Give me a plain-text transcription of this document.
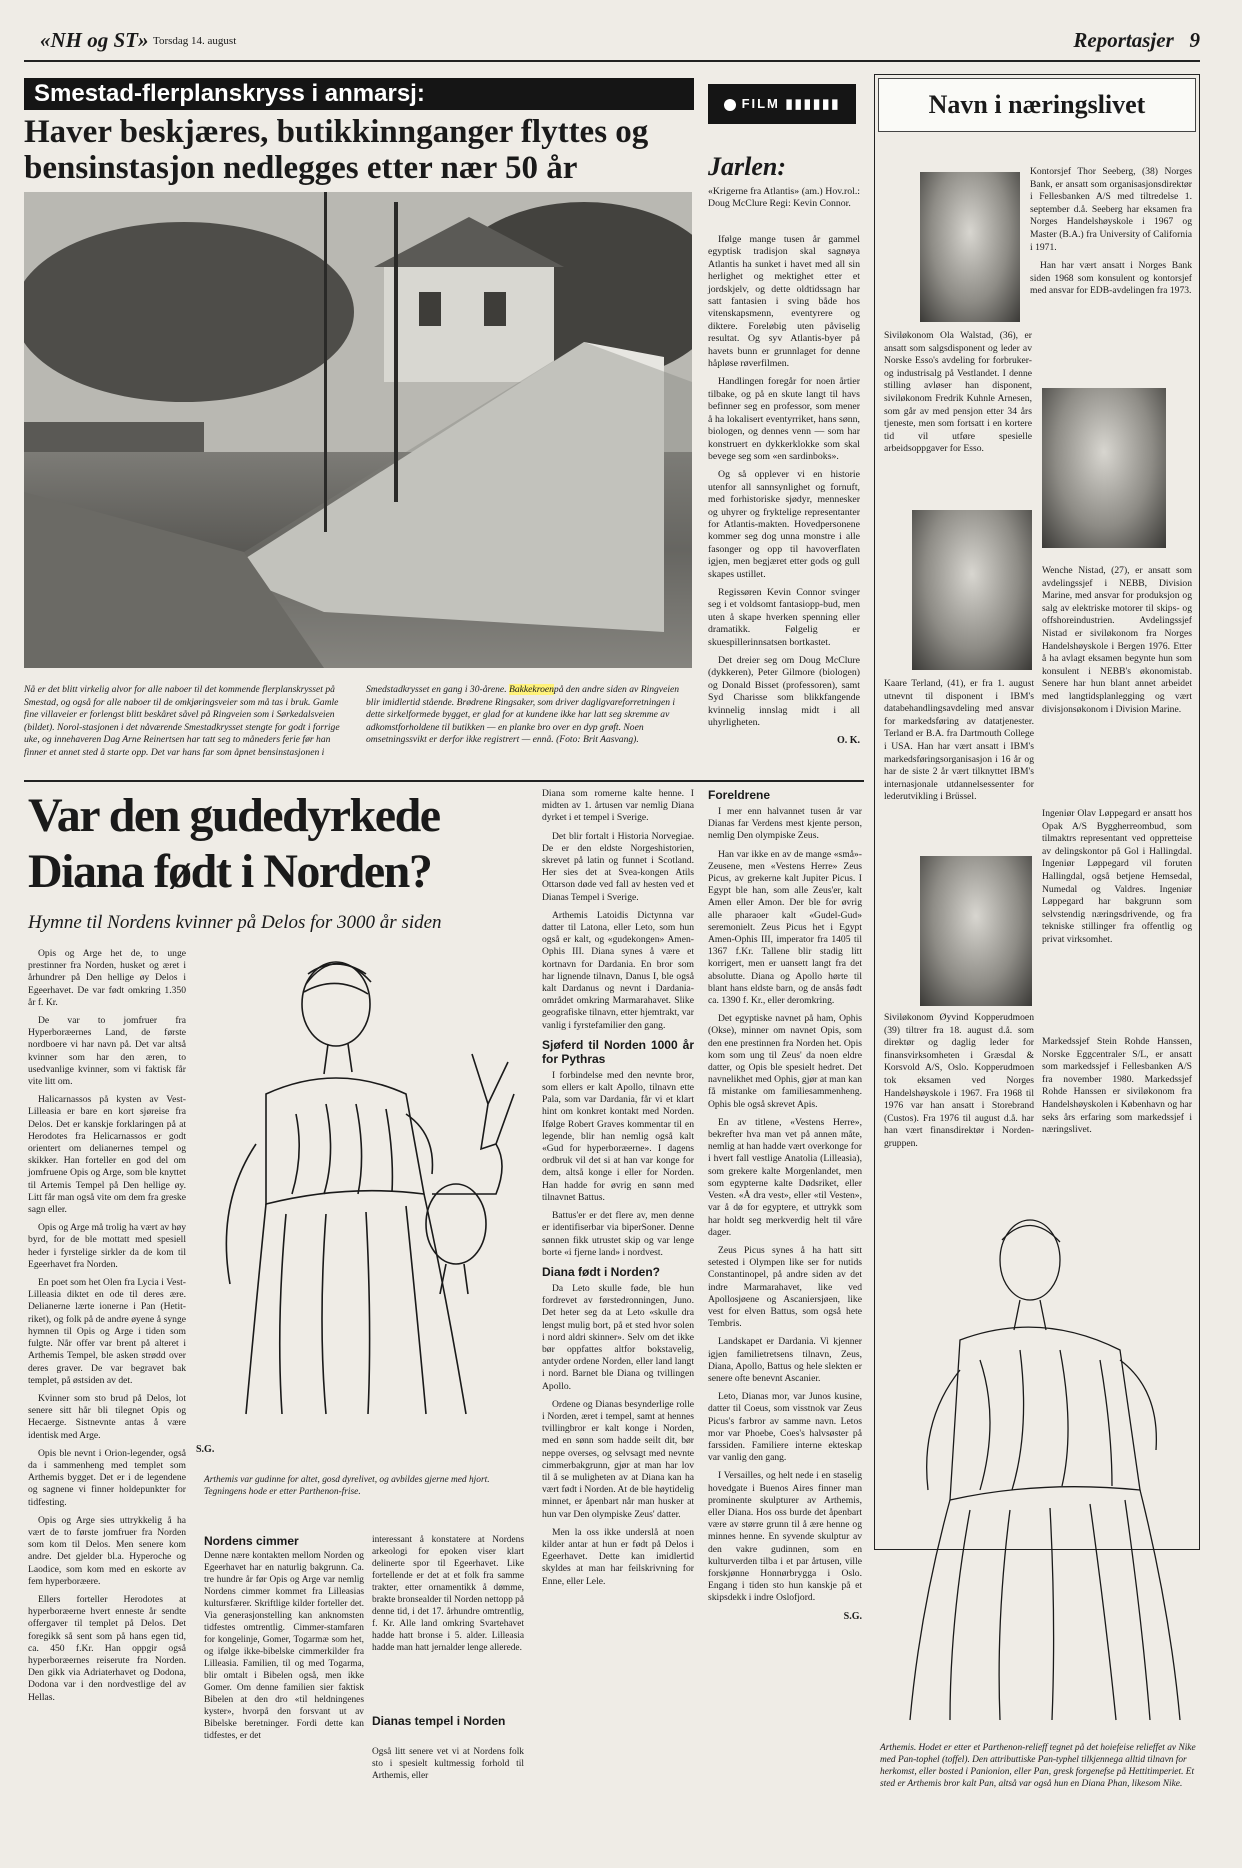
«NH og ST» Torsdag 14. august	Reportasjer 9
Smestad-flerplanskryss i anmarsj:
Haver beskjæres, butikkinnganger flyttes og bensinstasjon nedlegges etter nær 50 år
Nå er det blitt virkelig alvor for alle naboer til det kommende flerplanskrysset på Smestad, og også for alle naboer til de omkjøringsveier som må tas i bruk. Gamle fine villaveier er forlengst blitt beskåret såvel på Ringveien som i Sørkedalsveien (bildet). Norol-stasjonen i det nåværende Smestadkrysset stengte for godt i forrige uke, og innehaveren Dag Arne Reinertsen har tatt seg to måneders ferie før han finner et annet sted å starte opp. Det var hans far som åpnet bensinstasjonen i
Smedstadkrysset en gang i 30-årene. Bakkekroenpå den andre siden av Ringveien blir imidlertid stående. Brødrene Ringsaker, som driver dagligvareforretningen i dette sirkelformede bygget, er glad for at kundene ikke har latt seg skremme av adkomstforholdene til butikken — en planke bro over en dyp grøft. Noen omsetningssvikt er derfor ikke registrert — ennå. (Foto: Brit Aasvang).
FILM ▮▮▮▮▮▮
Jarlen:
«Krigerne fra Atlantis» (am.) Hov.rol.: Doug McClure Regi: Kevin Connor.

Ifølge mange tusen år gammel egyptisk tradisjon skal sagnøya Atlantis ha sunket i havet med all sin herlighet og mektighet etter et jordskjelv, og dette oldtidssagn har satt fantasien i sving både hos vitenskapsmenn, eventyrere og diktere. Foreløbig uten påviselig resultat. Og syv Atlantis-byer på havets bunn er grunnlaget for denne håpløse røverfilmen.

Handlingen foregår for noen årtier tilbake, og på en skute langt til havs befinner seg en professor, som mener å ha lokalisert eventyrriket, hans sønn, biologen, og dennes venn — som har konstruert en dykkerklokke som skal bevege seg som «en sardinboks».

Og så opplever vi en historie utenfor all sannsynlighet og fornuft, med forhistoriske sjødyr, mennesker og uhyrer og fryktelige representanter for Atlantis-makten. Hovedpersonene kommer seg dog unna monstre i alle fasonger og opp til havoverflaten igjen, men begjæret etter gods og gull skapes ustillet.

Regissøren Kevin Connor svinger seg i et voldsomt fantasiopp-bud, men uten å skape hverken spenning eller dramatikk. Følgelig er skuespillerinnsatsen bortkastet.

Det dreier seg om Doug McClure (dykkeren), Peter Gilmore (biologen) og Donald Bisset (professoren), samt Syd Charisse som blikkfangende kvinnelig innslag midt i all uhyrligheten.

O. K.
Navn i næringslivet

Kontorsjef Thor Seeberg, (38) Norges Bank, er ansatt som organisasjonsdirektør i Fellesbanken A/S med tiltredelse 1. september d.å. Seeberg har eksamen fra Norges Handelshøyskole i 1967 og Master (B.A.) fra University of California i 1971.

Han har vært ansatt i Norges Bank siden 1968 som konsulent og kontorsjef med ansvar for EDB-avdelingen fra 1973.

Siviløkonom Ola Walstad, (36), er ansatt som salgsdisponent og leder av Norske Esso's avdeling for forbruker- og industrisalg på Vestlandet. I denne stilling avløser han disponent, siviløkonom Fredrik Kuhnle Arnesen, som går av med pensjon etter 34 års tjeneste, men som fortsatt i en kortere tid vil utføre spesielle arbeidsoppgaver for Esso.
Wenche Nistad, (27), er ansatt som avdelingssjef i NEBB, Division Marine, med ansvar for produksjon og salg av elektriske motorer til skips- og offshoreindustrien. Avdelingssjef Nistad er siviløkonom fra Norges Handelshøyskole i Bergen 1976. Etter å ha avlagt eksamen begynte hun som konsulent i NEBB's økonomistab. Senere har hun blant annet arbeidet med langtidsplanlegging og vært divisjonsøkonom i Division Marine.
Kaare Terland, (41), er fra 1. august utnevnt til disponent i IBM's databehandlingsavdeling med ansvar for markedsføring av datatjenester. Terland er B.A. fra Dartmouth College i USA. Han har vært ansatt i IBM's markedsføringsorganisasjon i 16 år og har de siste 2 år vært tilknyttet IBM's internasjonale utdannelsessenter for lederutvikling i Brüssel.
Ingeniør Olav Løppegard er ansatt hos Opak A/S Byggherreombud, som tilmaktrs representant ved oppretteise av delingskontor på Gol i Hallingdal. Ingeniør Løppegard vil foruten Hallingdal, også betjene Hemsedal, Numedal og Valdres. Ingeniør Løppegard har bakgrunn som selvstendig næringsdrivende, og fra tekniske stillinger fra offentlig og privat virksomhet.
Siviløkonom Øyvind Kopperudmoen (39) tiltrer fra 18. august d.å. som direktør og daglig leder for finansvirksomheten i Græsdal & Korsvold A/S, Oslo. Kopperudmoen tok eksamen ved Norges Handelshøyskole i 1967. Fra 1968 til 1976 var han ansatt i Storebrand (Custos). Fra 1976 til august d.å. har han vært finansdirektør i Norden-gruppen.
Markedssjef Stein Rohde Hanssen, Norske Eggcentraler S/L, er ansatt som markedssjef i Fellesbanken A/S fra november 1980. Markedssjef Rohde Hanssen er siviløkonom fra Handelshøyskolen i København og har seks års erfaring som markedssjef i næringslivet.
Var den gudedyrkede Diana født i Norden?
Hymne til Nordens kvinner på Delos for 3000 år siden

Opis og Arge het de, to unge prestinner fra Norden, husket og æret i århundrer på Den hellige øy Delos i Egeerhavet. De var født omkring 1.350 år f. Kr.

De var to jomfruer fra Hyperboræernes Land, de første nordboere vi har navn på. Det var altså kvinner som har den æren, to usedvanlige kvinner, som vi faktisk får vite litt om.

Halicarnassos på kysten av Vest-Lilleasia er bare en kort sjøreise fra Delos. Det er kanskje forklaringen på at Herodotes fra Helicarnassos er godt orientert om delianernes tempel og skikker. Han forteller en god del om jomfruene Opis og Arge, som ble knyttet til Artemis Tempel på Den hellige øy. Litt får man også vite om dem fra greske sagn eller.

Opis og Arge må trolig ha vært av høy byrd, for de ble mottatt med spesiell heder i fyrstelige sirkler da de kom til Egeerhavet fra Norden.

En poet som het Olen fra Lycia i Vest-Lilleasia diktet en ode til deres ære. Delianerne lærte ionerne i Pan (Hetit-riket), og folk på de andre øyene å synge hymnen til Opis og Arge i tiden som fulgte. Når offer var brent på alteret i Arthemis Tempel, ble asken strødd over deres graver. De var begravet bak templet, på østsiden av det.

Kvinner som sto brud på Delos, lot senere sitt hår bli tilegnet Opis og Hecaerge. Sistnevnte antas å være identisk med Arge.

Opis ble nevnt i Orion-legender, også da i sammenheng med templet som Arthemis bygget. Det er i de legendene og sagnene vi finner holdepunkter for tidfesting.

Opis og Arge sies uttrykkelig å ha vært de to første jomfruer fra Norden som kom til Delos. Men senere kom andre. Det gjelder bl.a. Hyperoche og Laodice, som kom med en eskorte av fem hyperboræere.

Ellers forteller Herodotes at hyperboræerne hvert enneste år sendte offergaver til templet på Delos. Det foregikk så sent som på hans egen tid, ca. 450 f.Kr. Han oppgir også hyperboræernes reiserute fra Norden. Den gikk via Adriaterhavet og Dodona, Dodona var i den nordvestlige del av Hellas.

S.G.
Arthemis var gudinne for altet, gosd dyrelivet, og avbildes gjerne med hjort. Tegningens hode er etter Parthenon-frise.
Nordens cimmer
Denne nære kontakten mellom Norden og Egeerhavet har en naturlig bakgrunn. Ca. tre hundre år før Opis og Arge var nemlig Nordens cimmer kommet fra Lilleasias kultursfærer. Skriftlige kilder forteller det. Via generasjonstelling kan anknomsten tidfestes omtrentlig. Cimmer-stamfaren for kongelinje, Gomer, Togarmæ som het, og ifølge ikke-bibelske cimmerkilder fra Lilleasia. Familien, til og med Togarma, blir omtalt i Bibelen også, men ikke Gomer. Om denne familien sier faktisk Bibelen at den dro «til heldningenes kyster», hvorpå den forsvant ut av Bibelske beretninger. Fordi dette kan tidfestes, er det
interessant å konstatere at Nordens arkeologi for epoken viser klart delinerte spor til Egeerhavet. Like fortellende er det at et folk fra samme trakter, etter ornamentikk å dømme, brakte bronsealder til Norden nettopp på denne tid, i det 17. århundre omtrentlig, f. Kr. Alle land omkring Svartehavet hadde hatt bronse i 5. alder. Lilleasia hadde man hatt jernalder lenge allerede.
Dianas tempel i Norden
Også litt senere vet vi at Nordens folk sto i spesielt kultmessig forhold til Arthemis, eller

Diana som romerne kalte henne. I midten av 1. årtusen var nemlig Diana dyrket i et tempel i Sverige.

Det blir fortalt i Historia Norvegiae. De er den eldste Norgeshistorien, skrevet på latin og funnet i Scotland. Her sies det at Svea-kongen Atils Ottarson døde ved fall av hesten ved et Dianas Tempel i Sverige.

Arthemis Latoidis Dictynna var datter til Latona, eller Leto, som hun også er kalt, og «gudekongen» Amen-Ophis III. Diana synes å være et kortnavn for Dardania. En bror som har lignende tilnavn, Danus I, ble også kalt Dardanus og nevnt i Dardania-området omkring Marmarahavet. Slike geografiske tilnavn, etter hjemtrakt, var vanlig i fyrstefamilier den gang.

Sjøferd til Norden 1000 år for Pythras

I forbindelse med den nevnte bror, som ellers er kalt Apollo, tilnavn ette Pala, som var Dardania, får vi et klart hint om konkret kontakt med Norden. Ifølge Robert Graves kommentar til en legende, blir han nemlig også kalt «Gud for hyperboræerne». I dagens ordbruk vil det si at han var konge for dem, altså konge i eller for Norden. Han hadde for øvrig en sønn med tilnavnet Battus.

Battus'er er det flere av, men denne er identifiserbar via biperSoner. Denne sønnen fikk utrustet skip og var lenge borte «i fjerne land» i nordvest.

Diana født i Norden?

Da Leto skulle føde, ble hun fordrevet av førstedronningen, Juno. Det heter seg da at Leto «skulle dra lengst mulig bort, på et sted hvor solen i nord aldri skinner». Selv om det ikke bør oppfattes altfor bokstavelig, antyder ordene Norden, eller land langt i nord. Barnet ble Diana og tvillingen Apollo.

Ordene og Dianas besynderlige rolle i Norden, æret i tempel, samt at hennes tvillingbror er kalt konge i Norden, med en sønn som hadde seilt dit, bør neppe overses, og selvsagt med nevnte cimmerbakgrunn, gjør at man har lov til å se muligheten av at Diana kan ha vært født i Norden. At de ble høytidelig minnet, er åpenbart når man husker at hun var Den olympiske Zeus' datter.

Men la oss ikke underslå at noen kilder antar at hun er født på Delos i Egeerhavet. Dette kan imidlertid skyldes at man har feilskrivning for Enne, eller Lele.

Foreldrene

I mer enn halvannet tusen år var Dianas far Verdens mest kjente person, nemlig Den olympiske Zeus.

Han var ikke en av de mange «små»-Zeusene, men «Vestens Herre» Zeus Picus, av grekerne kalt Jupiter Picus. I Egypt ble han, som alle Zeus'er, kalt Amen eller Amon. Der ble for øvrig alle pharaoer kalt «Gudel-Gud» seremonielt. Zeus Picus het i Egypt Amen-Ophis III, imperator fra 1405 til 1367 f.Kr. Tallene blir stadig litt korrigert, men er uansett langt fra det absolutte. Diana og Apollo hørte til blant hans eldste barn, og de ansås født ca. 1390 f. Kr., eller deromkring.

Det egyptiske navnet på ham, Ophis (Okse), minner om navnet Opis, som den ene prestinnen fra Norden het. Opis kom som ung til Zeus' da noen eldre datter, og Opis ble spesielt hedret. Det navnelikhet med Ophis, gjør at man kan få mistanke om familiesammenheng. Ophis ble også skrevet Apis.

En av titlene, «Vestens Herre», bekrefter hva man vet på annen måte, nemlig at han hadde vært overkonge for i hvert fall vestlige Anatolia (Lilleasia), som grekere kalte Morgenlandet, men som egypterne kalte Dødsriket, eller Vesten. «Å dra vest», eller «til Vesten», var å dø for egyptere, et uttrykk som har holdt seg merkverdig helt til våre dager.

Zeus Picus synes å ha hatt sitt setested i Olympen like ser for nutids Constantinopel, på andre siden av det indre Marmarahavet, like ved Apollosjøene og Ascaniersjøen, like vest for elven Battus, som også hete Tembris.

Landskapet er Dardania. Vi kjenner igjen familietretsens tilnavn, Zeus, Diana, Apollo, Battus og hele slekten er senere ofte benevnt Ascanier.

Leto, Dianas mor, var Junos kusine, datter til Coeus, som visstnok var Zeus Picus's farbror av samme navn. Letos mor var Phoebe, Coes's halvsøster på farssiden. Familiere interne ekteskap var vanlig den gang.

I Versailles, og helt nede i en staselig hovedgate i Buenos Aires finner man prominente skulpturer av Arthemis, eller Diana. Hos oss burde det åpenbart være av større grunn til å ære henne og minnes henne. En syvende skulptur av den vakre gudinnen, som en kulturverden tilba i et par årtusen, ville forskjønne Honnørbrygga i Oslo. Engang i tiden sto hun kanskje på et skipsdekk i indre Oslofjord.

S.G.
Arthemis. Hodet er etter et Parthenon-relieff tegnet på det hoiefeise relieffet av Nike med Pan-tophel (toffel). Den attributtiske Pan-typhel tilkjennega alltid tilnavn for herkomst, eller bosted i Panionion, eller Pan, gresk forgenefse på Hettitimperiet. Et sted er Arthemis bror kalt Pan, altså var også hun en Diana Phan, likesom Nike.
